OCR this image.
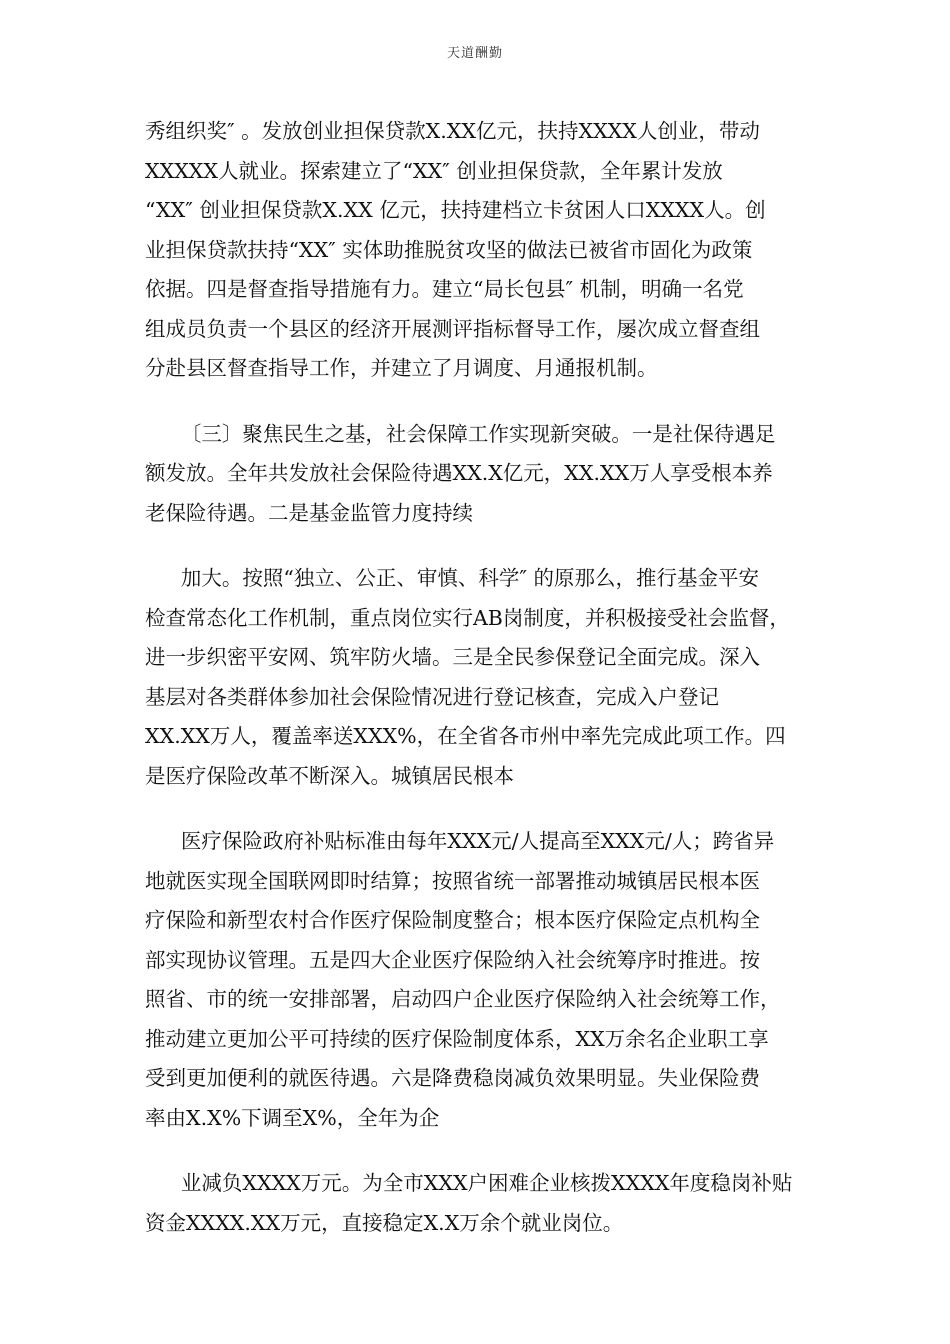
天道酬勤

秀组织奖″ 。发放创业担保贷款X.XX亿元，扶持XXXX人创业，带动
XXXXX人就业。探索建立了“XX″ 创业担保贷款，全年累计发放
“XX″ 创业担保贷款X.XX 亿元，扶持建档立卡贫困人口XXXX人。创
业担保贷款扶持“XX″ 实体助推脱贫攻坚的做法已被省市固化为政策
依据。四是督查指导措施有力。建立“局长包县″ 机制，明确一名党
组成员负责一个县区的经济开展测评指标督导工作，屡次成立督查组
分赴县区督查指导工作，并建立了月调度、月通报机制。

〔三〕聚焦民生之基，社会保障工作实现新突破。一是社保待遇足
额发放。全年共发放社会保险待遇XX.X亿元，XX.XX万人享受根本养
老保险待遇。二是基金监管力度持续

加大。按照“独立、公正、审慎、科学″ 的原那么，推行基金平安
检查常态化工作机制，重点岗位实行AB岗制度，并积极接受社会监督，
进一步织密平安网、筑牢防火墙。三是全民参保登记全面完成。深入
基层对各类群体参加社会保险情况进行登记核查，完成入户登记
XX.XX万人，覆盖率送XXX%，在全省各市州中率先完成此项工作。四
是医疗保险改革不断深入。城镇居民根本

医疗保险政府补贴标准由每年XXX元/人提高至XXX元/人；跨省异
地就医实现全国联网即时结算；按照省统一部署推动城镇居民根本医
疗保险和新型农村合作医疗保险制度整合；根本医疗保险定点机构全
部实现协议管理。五是四大企业医疗保险纳入社会统筹序时推进。按
照省、市的统一安排部署，启动四户企业医疗保险纳入社会统筹工作，
推动建立更加公平可持续的医疗保险制度体系，XX万余名企业职工享
受到更加便利的就医待遇。六是降费稳岗减负效果明显。失业保险费
率由X.X%下调至X%，全年为企

业减负XXXX万元。为全市XXX户困难企业核拨XXXX年度稳岗补贴
资金XXXX.XX万元，直接稳定X.X万余个就业岗位。
